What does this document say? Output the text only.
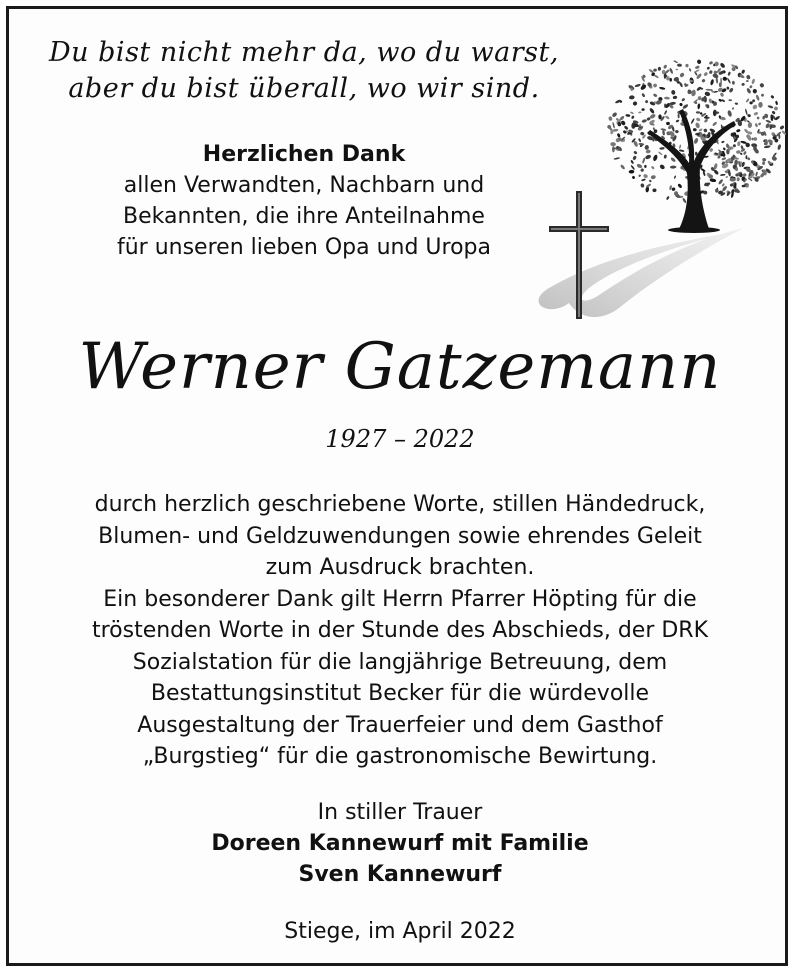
Du bist nicht mehr da, wo du warst,
aber du bist überall, wo wir sind.
Herzlichen Dank
allen Verwandten, Nachbarn und
Bekannten, die ihre Anteilnahme
für unseren lieben Opa und Uropa
Werner Gatzemann
1927 – 2022
durch herzlich geschriebene Worte, stillen Händedruck,
Blumen- und Geldzuwendungen sowie ehrendes Geleit
zum Ausdruck brachten.
Ein besonderer Dank gilt Herrn Pfarrer Höpting für die
tröstenden Worte in der Stunde des Abschieds, der DRK
Sozialstation für die langjährige Betreuung, dem
Bestattungsinstitut Becker für die würdevolle
Ausgestaltung der Trauerfeier und dem Gasthof
„Burgstieg“ für die gastronomische Bewirtung.
In stiller Trauer
Doreen Kannewurf mit Familie
Sven Kannewurf
Stiege, im April 2022
